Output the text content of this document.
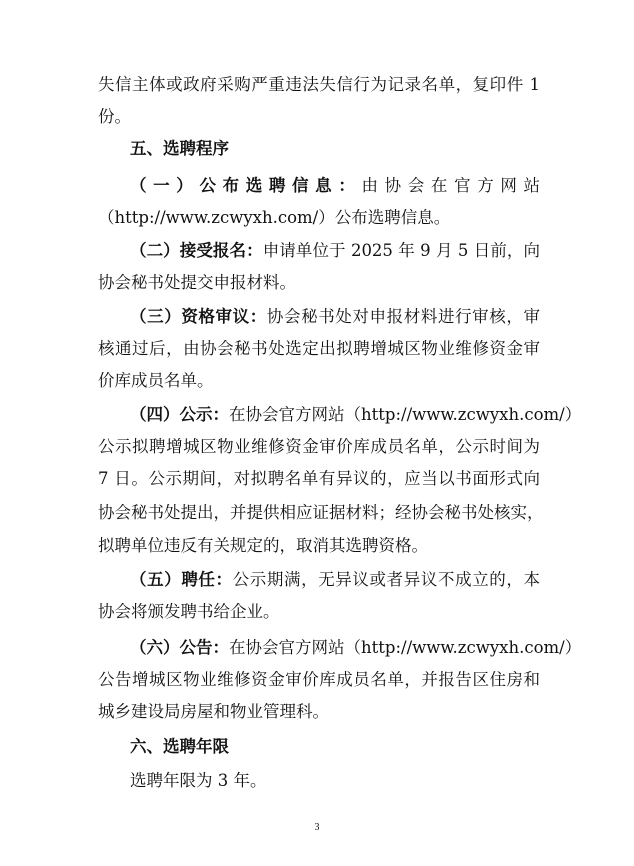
失信主体或政府采购严重违法失信行为记录名单，复印件 1
份。
五、选聘程序
（一）公布选聘信息：由协会在官方网站
（http://www.zcwyxh.com/）公布选聘信息。
（二）接受报名：申请单位于 2025 年 9 月 5 日前，向
协会秘书处提交申报材料。
（三）资格审议：协会秘书处对申报材料进行审核，审
核通过后，由协会秘书处选定出拟聘增城区物业维修资金审
价库成员名单。
（四）公示：在协会官方网站（http://www.zcwyxh.com/）
公示拟聘增城区物业维修资金审价库成员名单，公示时间为
7 日。公示期间，对拟聘名单有异议的，应当以书面形式向
协会秘书处提出，并提供相应证据材料；经协会秘书处核实，
拟聘单位违反有关规定的，取消其选聘资格。
（五）聘任：公示期满，无异议或者异议不成立的，本
协会将颁发聘书给企业。
（六）公告：在协会官方网站（http://www.zcwyxh.com/）
公告增城区物业维修资金审价库成员名单，并报告区住房和
城乡建设局房屋和物业管理科。
六、选聘年限
选聘年限为 3 年。
3
